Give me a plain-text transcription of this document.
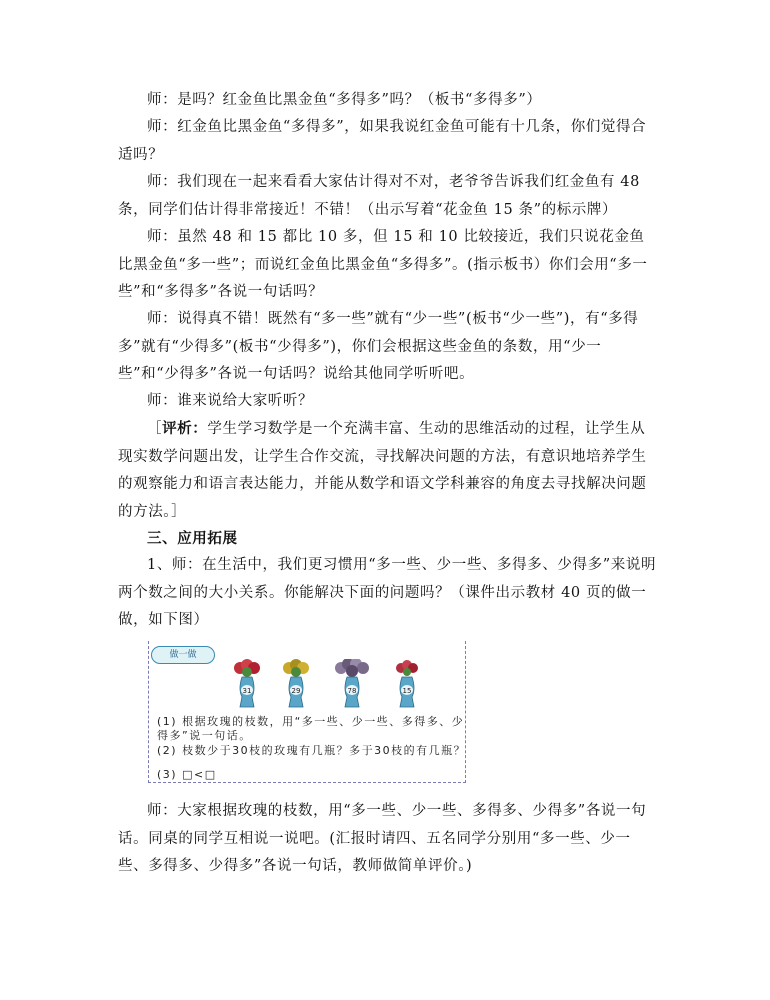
师：是吗？红金鱼比黑金鱼“多得多”吗？（板书“多得多”）

师：红金鱼比黑金鱼“多得多”，如果我说红金鱼可能有十几条，你们觉得合适吗？

师：我们现在一起来看看大家估计得对不对，老爷爷告诉我们红金鱼有 48条，同学们估计得非常接近！不错！（出示写着“花金鱼 15 条”的标示牌）

师：虽然 48 和 15 都比 10 多，但 15 和 10 比较接近，我们只说花金鱼比黑金鱼“多一些”；而说红金鱼比黑金鱼“多得多”。(指示板书）你们会用“多一些”和“多得多”各说一句话吗？

师：说得真不错！既然有“多一些”就有“少一些”(板书“少一些”)，有“多得多”就有“少得多”(板书“少得多”)，你们会根据这些金鱼的条数，用“少一些”和“少得多”各说一句话吗？说给其他同学听听吧。

师：谁来说给大家听听？

［评析：学生学习数学是一个充满丰富、生动的思维活动的过程，让学生从现实数学问题出发，让学生合作交流，寻找解决问题的方法，有意识地培养学生的观察能力和语言表达能力，并能从数学和语文学科兼容的角度去寻找解决问题的方法。］

三、应用拓展

1、师：在生活中，我们更习惯用“多一些、少一些、多得多、少得多”来说明两个数之间的大小关系。你能解决下面的问题吗？（课件出示教材 40 页的做一做，如下图）

做一做
31	29	78	15

(1) 根据玫瑰的枝数，用“多一些、少一些、多得多、少得多”说一句话。

(2) 枝数少于30枝的玫瑰有几瓶？多于30枝的有几瓶？

(3) □<□

师：大家根据玫瑰的枝数，用“多一些、少一些、多得多、少得多”各说一句话。同桌的同学互相说一说吧。(汇报时请四、五名同学分别用“多一些、少一些、多得多、少得多”各说一句话，教师做简单评价。)
